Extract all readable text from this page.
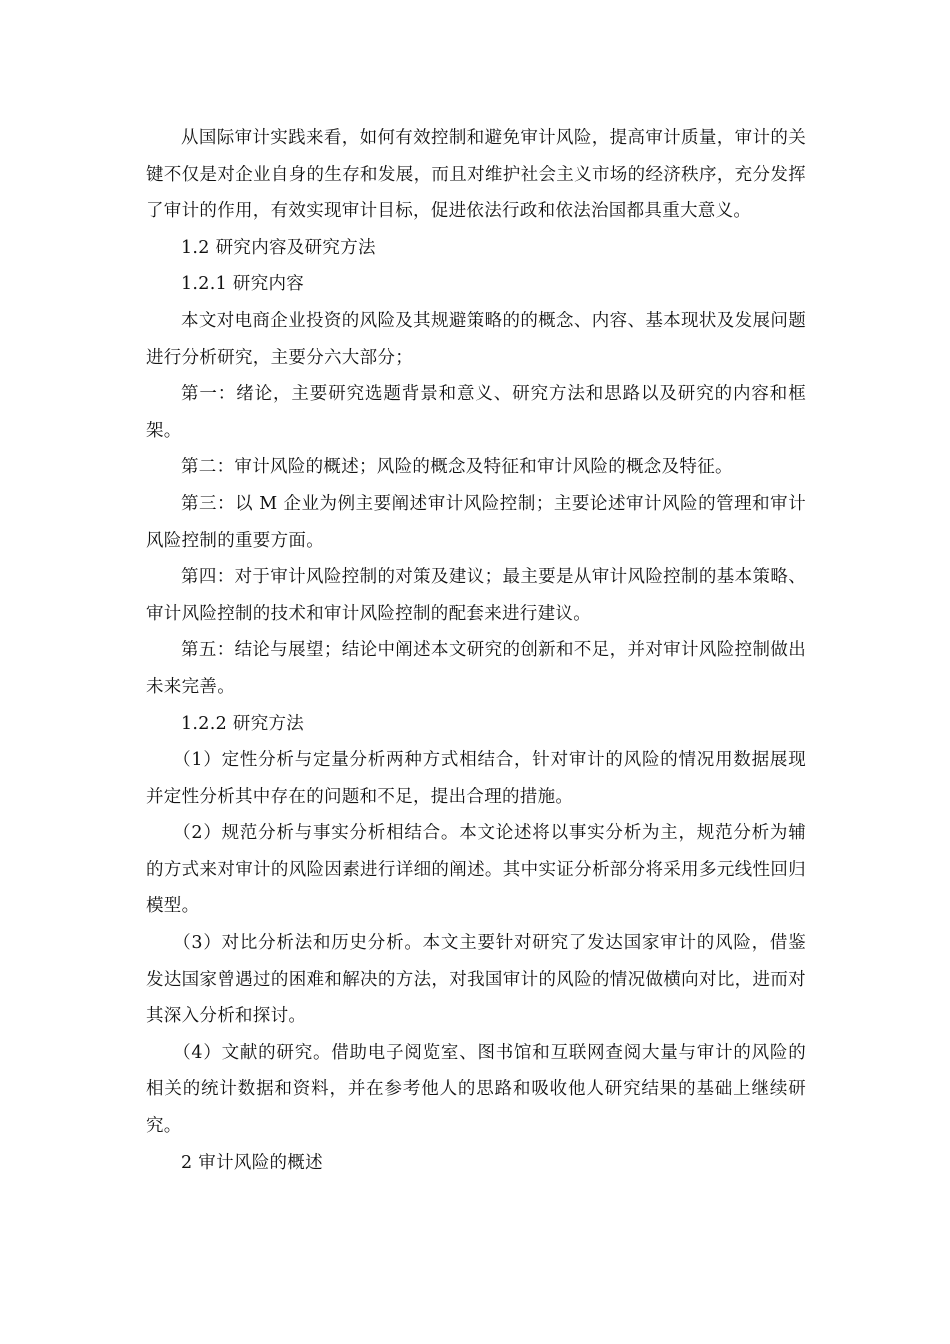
从国际审计实践来看，如何有效控制和避免审计风险，提高审计质量，审计的关键不仅是对企业自身的生存和发展，而且对维护社会主义市场的经济秩序，充分发挥了审计的作用，有效实现审计目标，促进依法行政和依法治国都具重大意义。

1.2 研究内容及研究方法

1.2.1 研究内容

本文对电商企业投资的风险及其规避策略的的概念、内容、基本现状及发展问题进行分析研究，主要分六大部分；

第一：绪论，主要研究选题背景和意义、研究方法和思路以及研究的内容和框架。

第二：审计风险的概述；风险的概念及特征和审计风险的概念及特征。

第三：以 M 企业为例主要阐述审计风险控制；主要论述审计风险的管理和审计风险控制的重要方面。

第四：对于审计风险控制的对策及建议；最主要是从审计风险控制的基本策略、审计风险控制的技术和审计风险控制的配套来进行建议。

第五：结论与展望；结论中阐述本文研究的创新和不足，并对审计风险控制做出未来完善。

1.2.2 研究方法

（1）定性分析与定量分析两种方式相结合，针对审计的风险的情况用数据展现并定性分析其中存在的问题和不足，提出合理的措施。

（2）规范分析与事实分析相结合。本文论述将以事实分析为主，规范分析为辅的方式来对审计的风险因素进行详细的阐述。其中实证分析部分将采用多元线性回归模型。

（3）对比分析法和历史分析。本文主要针对研究了发达国家审计的风险，借鉴发达国家曾遇过的困难和解决的方法，对我国审计的风险的情况做横向对比，进而对其深入分析和探讨。

（4）文献的研究。借助电子阅览室、图书馆和互联网查阅大量与审计的风险的相关的统计数据和资料，并在参考他人的思路和吸收他人研究结果的基础上继续研究。

2 审计风险的概述
